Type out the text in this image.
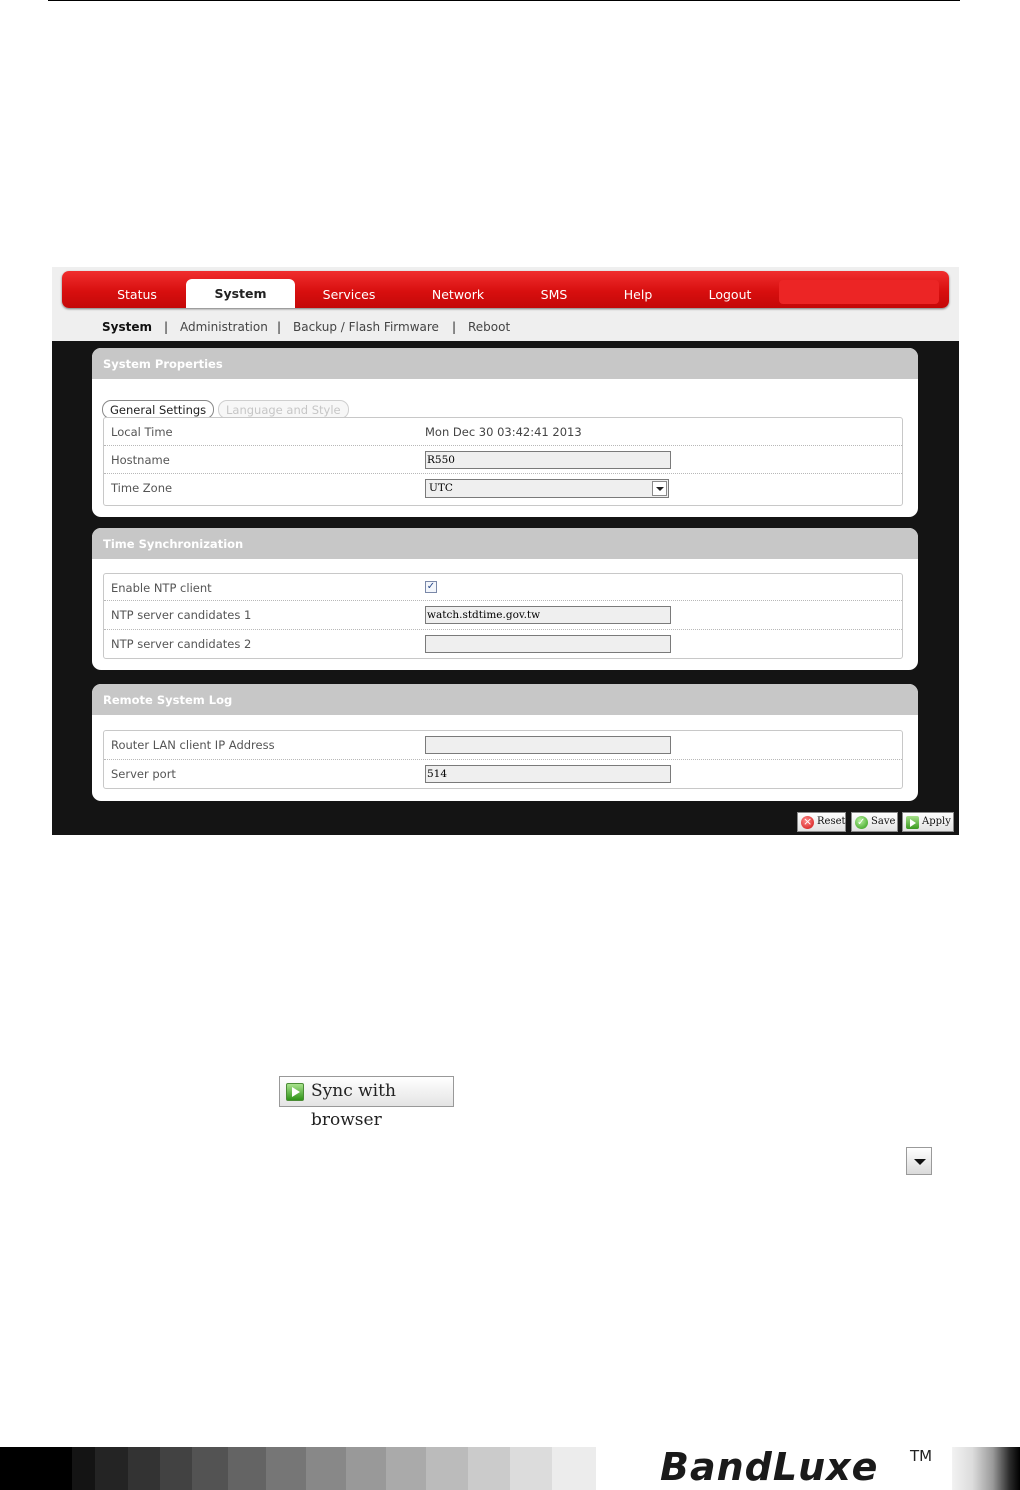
Status	System	Services	Network	SMS	Help	Logout
System | Administration | Backup / Flash Firmware | Reboot
System Properties
General Settings	Language and Style
Local Time	Mon Dec 30 03:42:41 2013
Hostname	R550
Time Zone	UTC
Time Synchronization
Enable NTP client	✓
NTP server candidates 1	watch.stdtime.gov.tw
NTP server candidates 2
Remote System Log
Router LAN client IP Address
Server port	514
×
Reset
✓	Save	Apply
Sync with browser
BandLuxe TM
